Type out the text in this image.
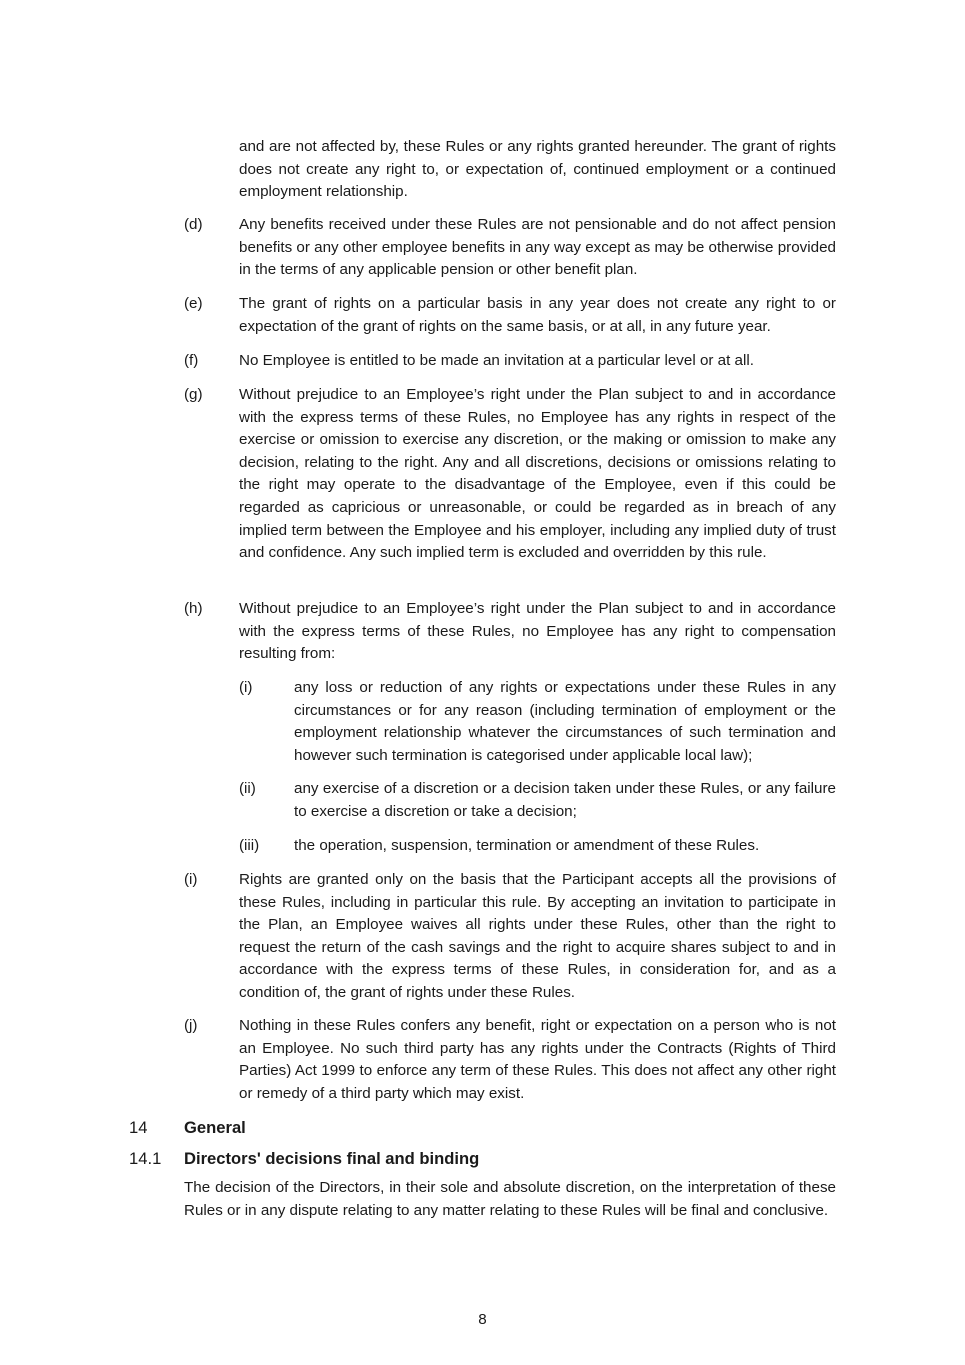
and are not affected by, these Rules or any rights granted hereunder. The grant of rights does not create any right to, or expectation of, continued employment or a continued employment relationship.
(d)	Any benefits received under these Rules are not pensionable and do not affect pension benefits or any other employee benefits in any way except as may be otherwise provided in the terms of any applicable pension or other benefit plan.
(e)	The grant of rights on a particular basis in any year does not create any right to or expectation of the grant of rights on the same basis, or at all, in any future year.
(f)	No Employee is entitled to be made an invitation at a particular level or at all.
(g)	Without prejudice to an Employee’s right under the Plan subject to and in accordance with the express terms of these Rules, no Employee has any rights in respect of the exercise or omission to exercise any discretion, or the making or omission to make any decision, relating to the right. Any and all discretions, decisions or omissions relating to the right may operate to the disadvantage of the Employee, even if this could be regarded as capricious or unreasonable, or could be regarded as in breach of any implied term between the Employee and his employer, including any implied duty of trust and confidence. Any such implied term is excluded and overridden by this rule.
(h)	Without prejudice to an Employee’s right under the Plan subject to and in accordance with the express terms of these Rules, no Employee has any right to compensation resulting from:
(i)	any loss or reduction of any rights or expectations under these Rules in any circumstances or for any reason (including termination of employment or the employment relationship whatever the circumstances of such termination and however such termination is categorised under applicable local law);
(ii)	any exercise of a discretion or a decision taken under these Rules, or any failure to exercise a discretion or take a decision;
(iii)	the operation, suspension, termination or amendment of these Rules.
(i)	Rights are granted only on the basis that the Participant accepts all the provisions of these Rules, including in particular this rule. By accepting an invitation to participate in the Plan, an Employee waives all rights under these Rules, other than the right to request the return of the cash savings and the right to acquire shares subject to and in accordance with the express terms of these Rules, in consideration for, and as a condition of, the grant of rights under these Rules.
(j)	Nothing in these Rules confers any benefit, right or expectation on a person who is not an Employee. No such third party has any rights under the Contracts (Rights of Third Parties) Act 1999 to enforce any term of these Rules. This does not affect any other right or remedy of a third party which may exist.
14 General
14.1 Directors' decisions final and binding
The decision of the Directors, in their sole and absolute discretion, on the interpretation of these Rules or in any dispute relating to any matter relating to these Rules will be final and conclusive.
8
